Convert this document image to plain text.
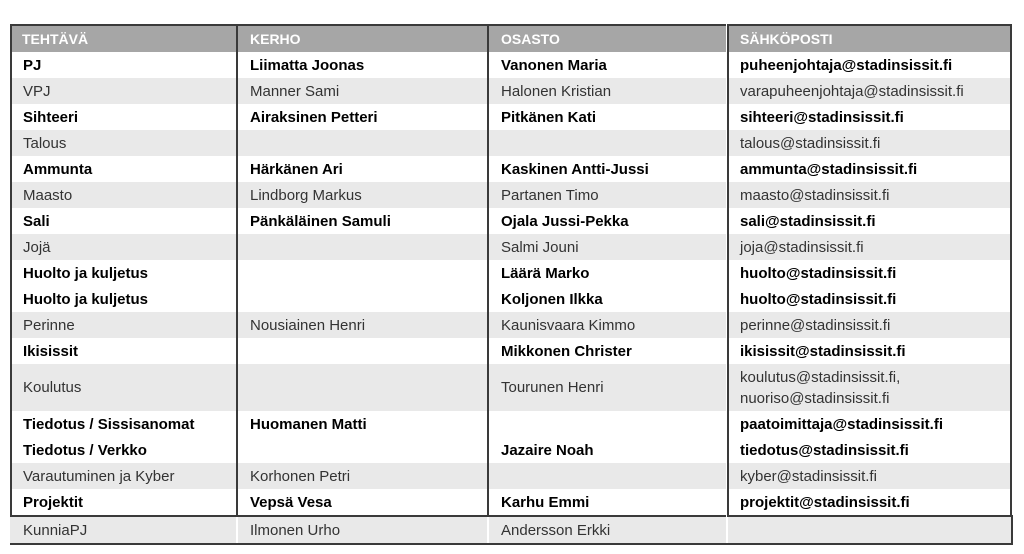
TEHTÄVÄ	KERHO	OSASTO	SÄHKÖPOSTI
PJ	Liimatta Joonas	Vanonen Maria	puheenjohtaja@stadinsissit.fi
VPJ	Manner Sami	Halonen Kristian	varapuheenjohtaja@stadinsissit.fi
Sihteeri	Airaksinen Petteri	Pitkänen Kati	sihteeri@stadinsissit.fi
Talous			talous@stadinsissit.fi
Ammunta	Härkänen Ari	Kaskinen Antti-Jussi	ammunta@stadinsissit.fi
Maasto	Lindborg Markus	Partanen Timo	maasto@stadinsissit.fi
Sali	Pänkäläinen Samuli	Ojala Jussi-Pekka	sali@stadinsissit.fi
Jojä		Salmi Jouni	joja@stadinsissit.fi
Huolto ja kuljetus		Läärä Marko	huolto@stadinsissit.fi
Huolto ja kuljetus		Koljonen Ilkka	huolto@stadinsissit.fi
Perinne	Nousiainen Henri	Kaunisvaara Kimmo	perinne@stadinsissit.fi
Ikisissit		Mikkonen Christer	ikisissit@stadinsissit.fi
Koulutus		Tourunen Henri	koulutus@stadinsissit.fi,
nuoriso@stadinsissit.fi

Tiedotus / Sissisanomat	Huomanen Matti		paatoimittaja@stadinsissit.fi
Tiedotus / Verkko		Jazaire Noah	tiedotus@stadinsissit.fi
Varautuminen ja Kyber	Korhonen Petri		kyber@stadinsissit.fi
Projektit	Vepsä Vesa	Karhu Emmi	projektit@stadinsissit.fi
KunniaPJ	Ilmonen Urho	Andersson Erkki	
